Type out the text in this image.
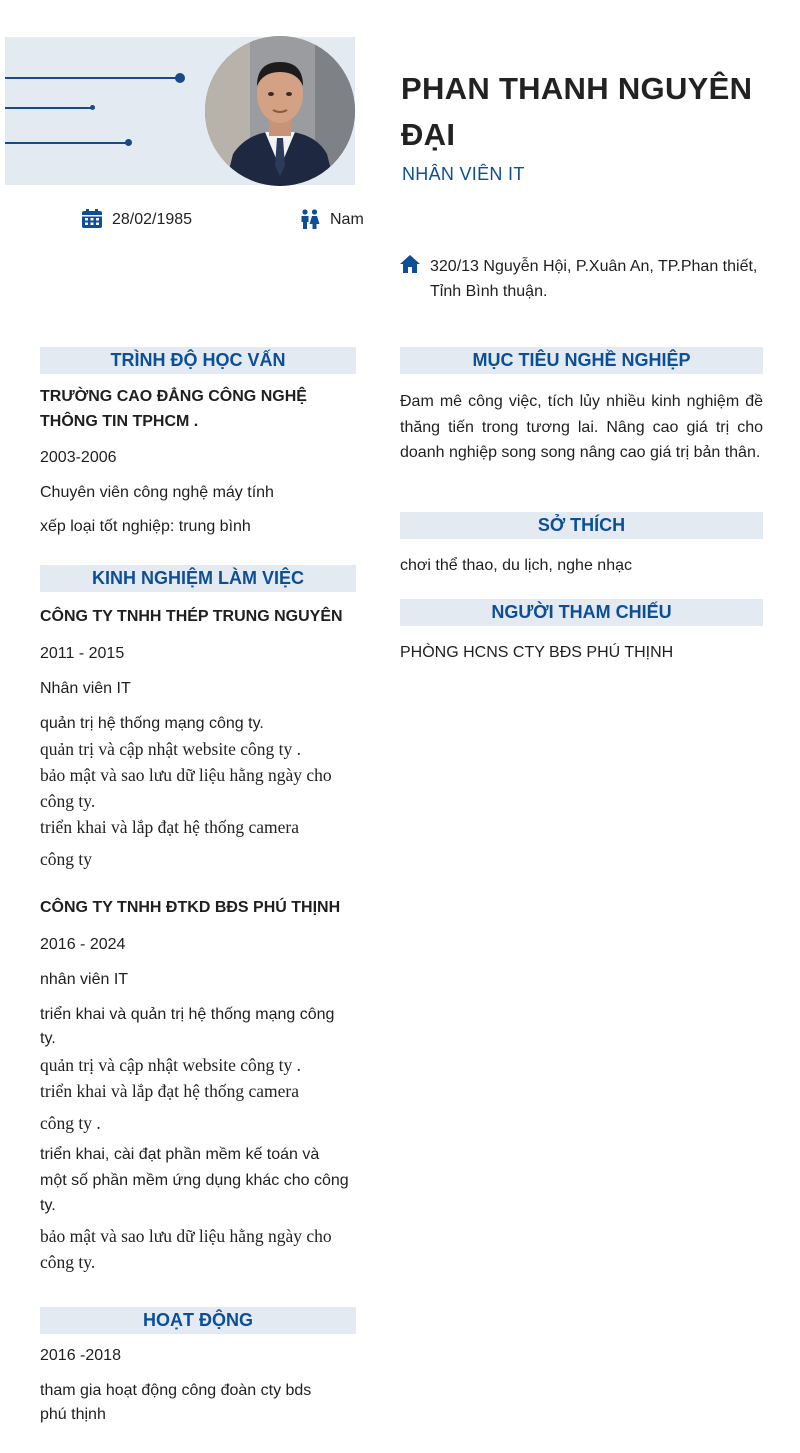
PHAN THANH NGUYÊN ĐẠI
NHÂN VIÊN IT
28/02/1985	Nam
320/13 Nguyễn Hội, P.Xuân An, TP.Phan thiết, Tỉnh Bình thuận.
TRÌNH ĐỘ HỌC VẤN
TRƯỜNG CAO ĐẲNG CÔNG NGHỆ THÔNG TIN TPHCM .
2003-2006
Chuyên viên công nghệ máy tính
xếp loại tốt nghiệp: trung bình
KINH NGHIỆM LÀM VIỆC
CÔNG TY TNHH THÉP TRUNG NGUYÊN
2011 - 2015
Nhân viên IT
quản trị hệ thống mạng công ty.
quản trị và cập nhật website công ty .
bảo mật và sao lưu dữ liệu hằng ngày cho công ty.
triển khai và lắp đạt hệ thống camera
công ty
CÔNG TY TNHH ĐTKD BĐS PHÚ THỊNH
2016 - 2024
nhân viên IT
triển khai và quản trị hệ thống mạng công ty.
quản trị và cập nhật website công ty .
triển khai và lắp đạt hệ thống camera
công ty .
triển khai, cài đạt phần mềm kế toán và một số phần mềm ứng dụng khác cho công ty.
bảo mật và sao lưu dữ liệu hằng ngày cho công ty.
HOẠT ĐỘNG
2016 -2018
tham gia hoạt động công đoàn cty bds phú thịnh
MỤC TIÊU NGHỀ NGHIỆP
Đam mê công việc, tích lủy nhiều kinh nghiệm đề thăng tiến trong tương lai. Nâng cao giá trị cho doanh nghiệp song song nâng cao giá trị bản thân.
SỞ THÍCH
chơi thể thao, du lịch, nghe nhạc
NGƯỜI THAM CHIẾU
PHÒNG HCNS CTY BĐS PHÚ THỊNH
